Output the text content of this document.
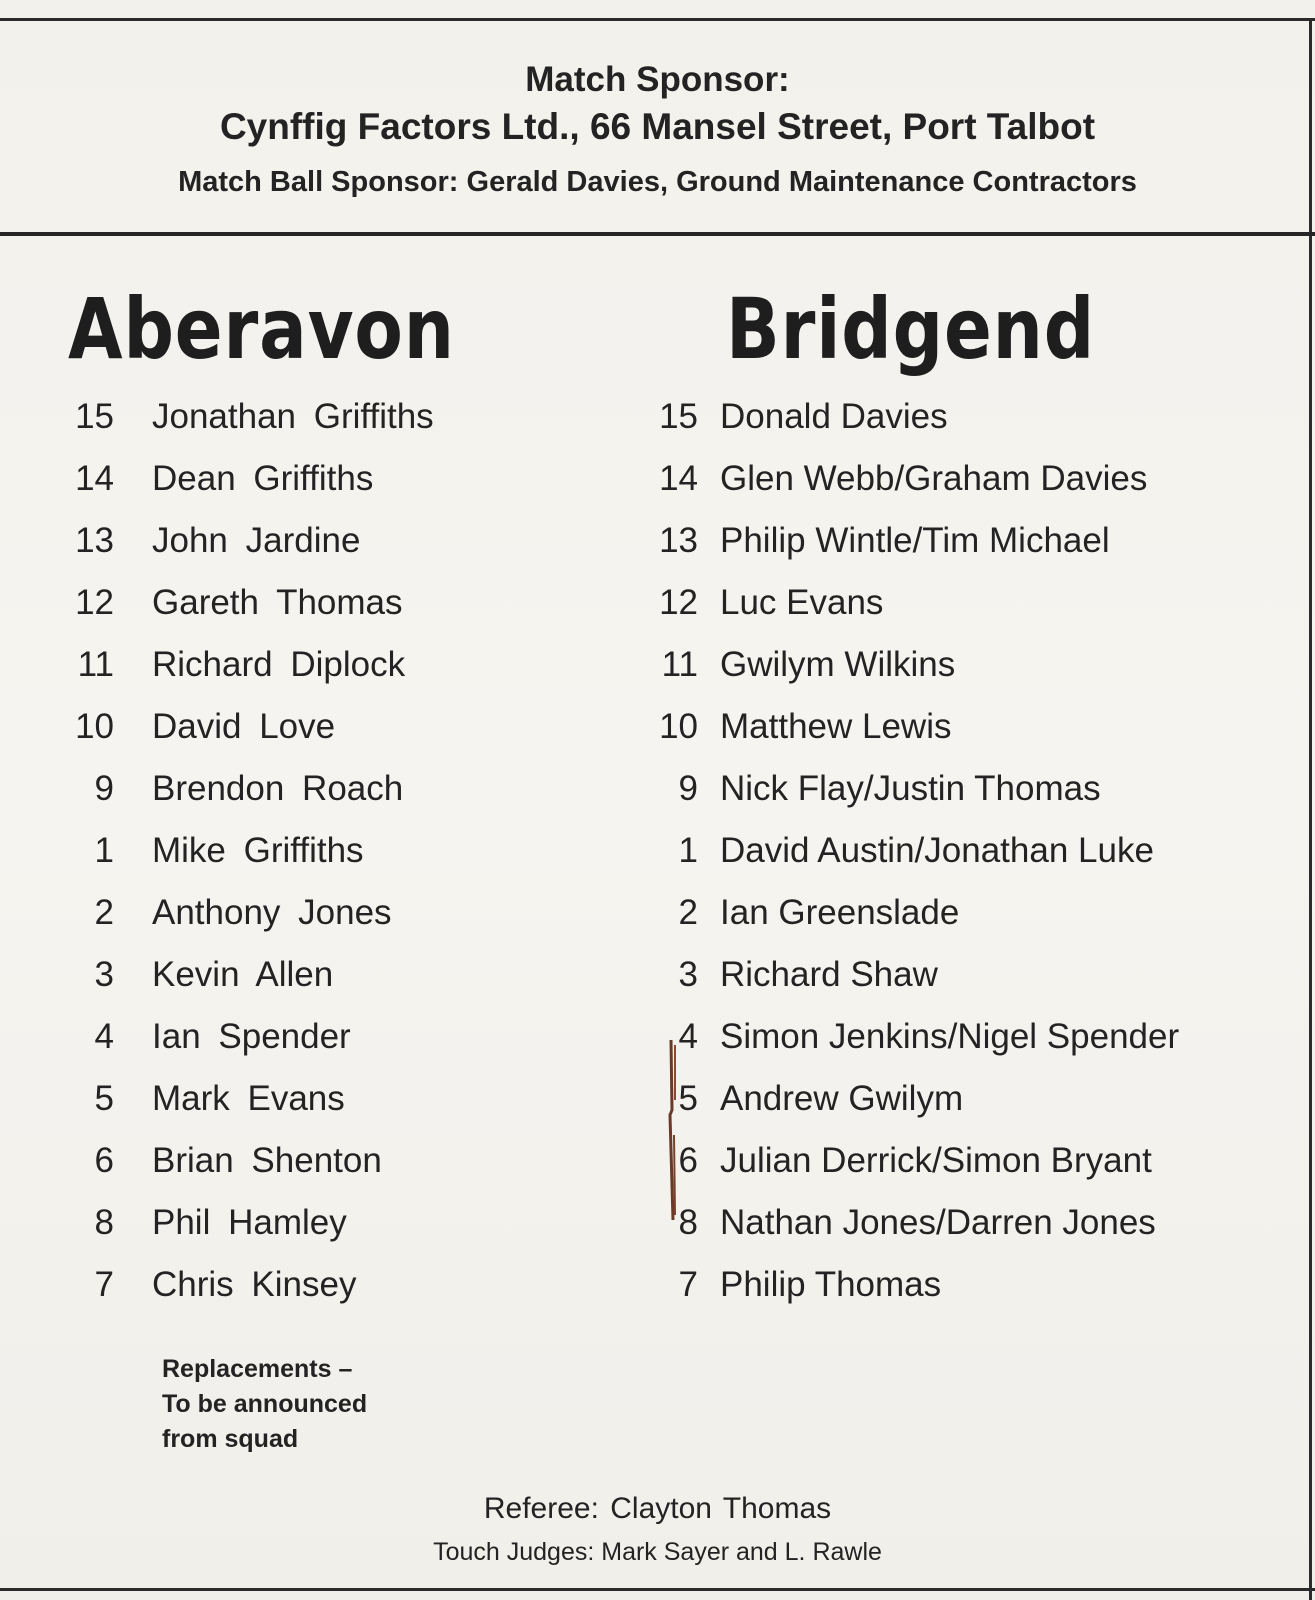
Match Sponsor:
Cynffig Factors Ltd., 66 Mansel Street, Port Talbot
Match Ball Sponsor: Gerald Davies, Ground Maintenance Contractors
Aberavon	Bridgend
15 Jonathan Griffiths
14 Dean Griffiths
13 John Jardine
12 Gareth Thomas
11 Richard Diplock
10 David Love
9 Brendon Roach
1 Mike Griffiths
2 Anthony Jones
3 Kevin Allen
4 Ian Spender
5 Mark Evans
6 Brian Shenton
8 Phil Hamley
7 Chris Kinsey
15 Donald Davies
14 Glen Webb/Graham Davies
13 Philip Wintle/Tim Michael
12 Luc Evans
11 Gwilym Wilkins
10 Matthew Lewis
9 Nick Flay/Justin Thomas
1 David Austin/Jonathan Luke
2 Ian Greenslade
3 Richard Shaw
4 Simon Jenkins/Nigel Spender
5 Andrew Gwilym
6 Julian Derrick/Simon Bryant
8 Nathan Jones/Darren Jones
7 Philip Thomas
Replacements –
To be announced
from squad
Referee: Clayton Thomas
Touch Judges: Mark Sayer and L. Rawle
